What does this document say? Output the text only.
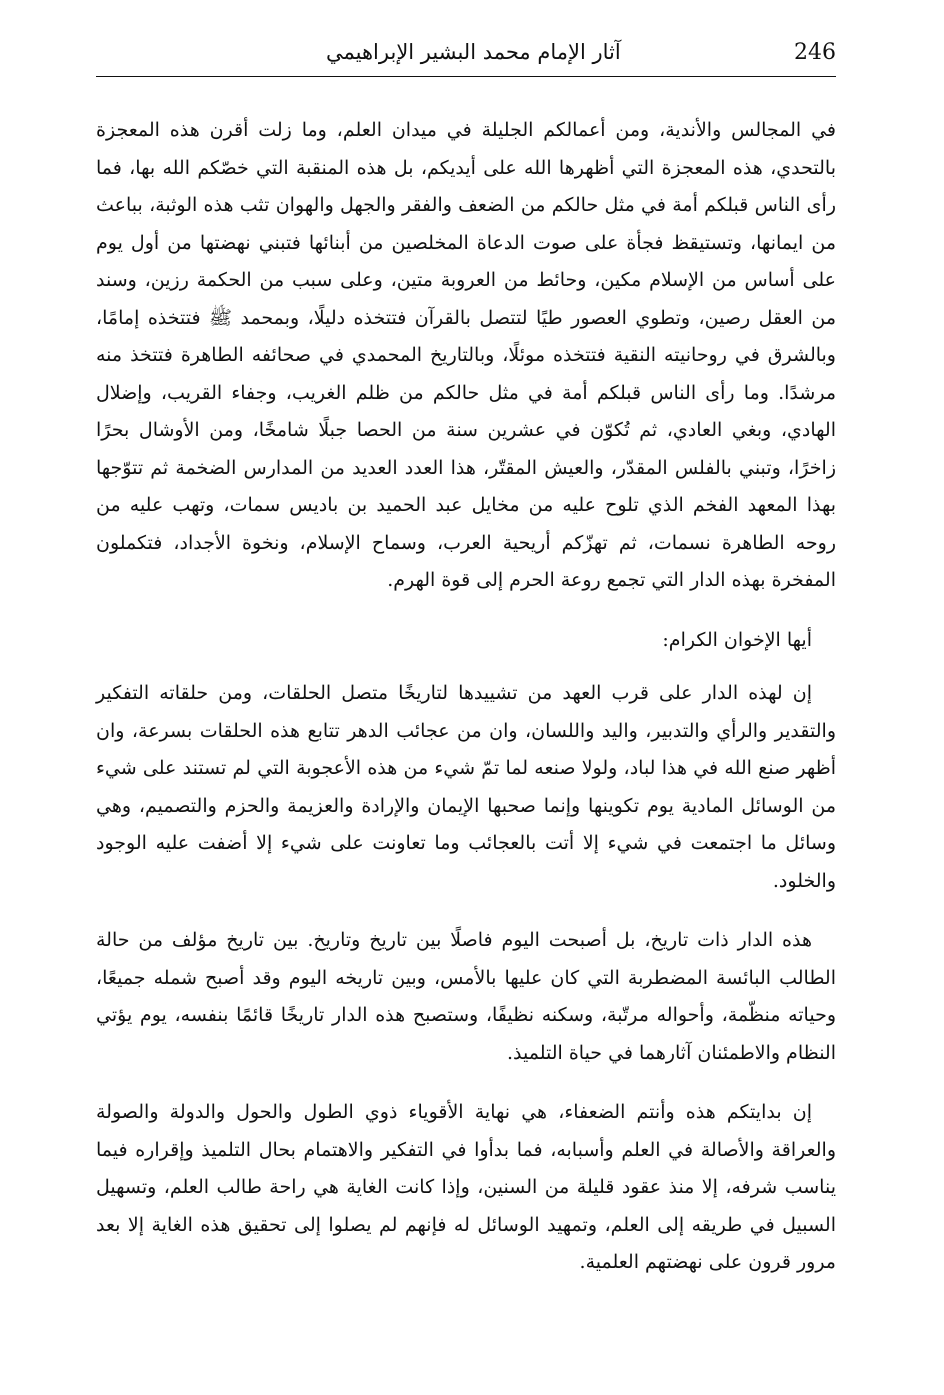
246
آثار الإمام محمد البشير الإبراهيمي

في المجالس والأندية، ومن أعمالكم الجليلة في ميدان العلم، وما زلت أقرن هذه المعجزة بالتحدي، هذه المعجزة التي أظهرها الله على أيديكم، بل هذه المنقبة التي خصّكم الله بها، فما رأى الناس قبلكم أمة في مثل حالكم من الضعف والفقر والجهل والهوان تثب هذه الوثبة، بباعث من ايمانها، وتستيقظ فجأة على صوت الدعاة المخلصين من أبنائها فتبني نهضتها من أول يوم على أساس من الإسلام مكين، وحائط من العروبة متين، وعلى سبب من الحكمة رزين، وسند من العقل رصين، وتطوي العصور طيًا لتتصل بالقرآن فتتخذه دليلًا، وبمحمد ﷺ فتتخذه إمامًا، وبالشرق في روحانيته النقية فتتخذه موئلًا، وبالتاريخ المحمدي في صحائفه الطاهرة فتتخذ منه مرشدًا. وما رأى الناس قبلكم أمة في مثل حالكم من ظلم الغريب، وجفاء القريب، وإضلال الهادي، وبغي العادي، ثم تُكوّن في عشرين سنة من الحصا جبلًا شامخًا، ومن الأوشال بحرًا زاخرًا، وتبني بالفلس المقدّر، والعيش المقتّر، هذا العدد العديد من المدارس الضخمة ثم تتوّجها بهذا المعهد الفخم الذي تلوح عليه من مخايل عبد الحميد بن باديس سمات، وتهب عليه من روحه الطاهرة نسمات، ثم تهزّكم أريحية العرب، وسماح الإسلام، ونخوة الأجداد، فتكملون المفخرة بهذه الدار التي تجمع روعة الحرم إلى قوة الهرم.

أيها الإخوان الكرام:

إن لهذه الدار على قرب العهد من تشييدها لتاريخًا متصل الحلقات، ومن حلقاته التفكير والتقدير والرأي والتدبير، واليد واللسان، وان من عجائب الدهر تتابع هذه الحلقات بسرعة، وان أظهر صنع الله في هذا لباد، ولولا صنعه لما تمّ شيء من هذه الأعجوبة التي لم تستند على شيء من الوسائل المادية يوم تكوينها وإنما صحبها الإيمان والإرادة والعزيمة والحزم والتصميم، وهي وسائل ما اجتمعت في شيء إلا أتت بالعجائب وما تعاونت على شيء إلا أضفت عليه الوجود والخلود.

هذه الدار ذات تاريخ، بل أصبحت اليوم فاصلًا بين تاريخ وتاريخ. بين تاريخ مؤلف من حالة الطالب البائسة المضطربة التي كان عليها بالأمس، وبين تاريخه اليوم وقد أصبح شمله جميعًا، وحياته منظّمة، وأحواله مرتّبة، وسكنه نظيفًا، وستصبح هذه الدار تاريخًا قائمًا بنفسه، يوم يؤتي النظام والاطمئنان آثارهما في حياة التلميذ.

إن بدايتكم هذه وأنتم الضعفاء، هي نهاية الأقوياء ذوي الطول والحول والدولة والصولة والعراقة والأصالة في العلم وأسبابه، فما بدأوا في التفكير والاهتمام بحال التلميذ وإقراره فيما يناسب شرفه، إلا منذ عقود قليلة من السنين، وإذا كانت الغاية هي راحة طالب العلم، وتسهيل السبيل في طريقه إلى العلم، وتمهيد الوسائل له فإنهم لم يصلوا إلى تحقيق هذه الغاية إلا بعد مرور قرون على نهضتهم العلمية.
